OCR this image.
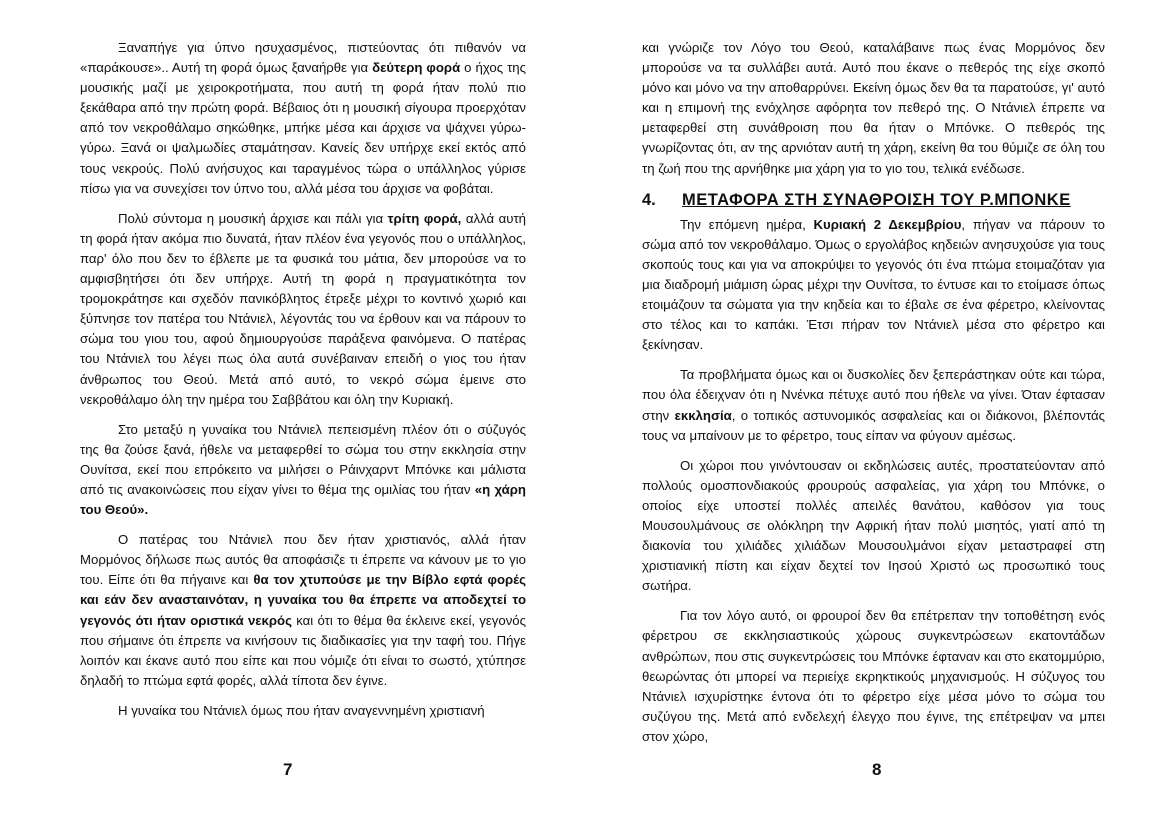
Ξαναπήγε για ύπνο ησυχασμένος, πιστεύοντας ότι πιθανόν να «παράκουσε».. Αυτή τη φορά όμως ξαναήρθε για δεύτερη φορά ο ήχος της μουσικής μαζί με χειροκροτήματα, που αυτή τη φορά ήταν πολύ πιο ξεκάθαρα από την πρώτη φορά. Βέβαιος ότι η μουσική σίγουρα προερχόταν από τον νεκροθάλαμο σηκώθηκε, μπήκε μέσα και άρχισε να ψάχνει γύρω-γύρω. Ξανά οι ψαλμωδίες σταμάτησαν. Κανείς δεν υπήρχε εκεί εκτός από τους νεκρούς. Πολύ ανήσυχος και ταραγμένος τώρα ο υπάλληλος γύρισε πίσω για να συνεχίσει τον ύπνο του, αλλά μέσα του άρχισε να φοβάται.

Πολύ σύντομα η μουσική άρχισε και πάλι για τρίτη φορά, αλλά αυτή τη φορά ήταν ακόμα πιο δυνατά, ήταν πλέον ένα γεγονός που ο υπάλληλος, παρ' όλο που δεν το έβλεπε με τα φυσικά του μάτια, δεν μπορούσε να το αμφισβητήσει ότι δεν υπήρχε. Αυτή τη φορά η πραγματικότητα τον τρομοκράτησε και σχεδόν πανικόβλητος έτρεξε μέχρι το κοντινό χωριό και ξύπνησε τον πατέρα του Ντάνιελ, λέγοντάς του να έρθουν και να πάρουν το σώμα του γιου του, αφού δημιουργούσε παράξενα φαινόμενα. Ο πατέρας του Ντάνιελ του λέγει πως όλα αυτά συνέβαιναν επειδή ο γιος του ήταν άνθρωπος του Θεού. Μετά από αυτό, το νεκρό σώμα έμεινε στο νεκροθάλαμο όλη την ημέρα του Σαββάτου και όλη την Κυριακή.

Στο μεταξύ η γυναίκα του Ντάνιελ πεπεισμένη πλέον ότι ο σύζυγός της θα ζούσε ξανά, ήθελε να μεταφερθεί το σώμα του στην εκκλησία στην Ουνίτσα, εκεί που επρόκειτο να μιλήσει ο Ράινχαρντ Μπόνκε και μάλιστα από τις ανακοινώσεις που είχαν γίνει το θέμα της ομιλίας του ήταν «η χάρη του Θεού».

Ο πατέρας του Ντάνιελ που δεν ήταν χριστιανός, αλλά ήταν Μορμόνος δήλωσε πως αυτός θα αποφάσιζε τι έπρεπε να κάνουν με το γιο του. Είπε ότι θα πήγαινε και θα τον χτυπούσε με την Βίβλο εφτά φορές και εάν δεν ανασταινόταν, η γυναίκα του θα έπρεπε να αποδεχτεί το γεγονός ότι ήταν οριστικά νεκρός και ότι το θέμα θα έκλεινε εκεί, γεγονός που σήμαινε ότι έπρεπε να κινήσουν τις διαδικασίες για την ταφή του. Πήγε λοιπόν και έκανε αυτό που είπε και που νόμιζε ότι είναι το σωστό, χτύπησε δηλαδή το πτώμα εφτά φορές, αλλά τίποτα δεν έγινε.

Η γυναίκα του Ντάνιελ όμως που ήταν αναγεννημένη χριστιανή

7

και γνώριζε τον Λόγο του Θεού, καταλάβαινε πως ένας Μορμόνος δεν μπορούσε να τα συλλάβει αυτά. Αυτό που έκανε ο πεθερός της είχε σκοπό μόνο και μόνο να την αποθαρρύνει. Εκείνη όμως δεν θα τα παρατούσε, γι' αυτό και η επιμονή της ενόχλησε αφόρητα τον πεθερό της. Ο Ντάνιελ έπρεπε να μεταφερθεί στη συνάθροιση που θα ήταν ο Μπόνκε. Ο πεθερός της γνωρίζοντας ότι, αν της αρνιόταν αυτή τη χάρη, εκείνη θα του θύμιζε σε όλη του τη ζωή που της αρνήθηκε μια χάρη για το γιο του, τελικά ενέδωσε.

4.	ΜΕΤΑΦΟΡΑ ΣΤΗ ΣΥΝΑΘΡΟΙΣΗ ΤΟΥ Ρ.ΜΠΟΝΚΕ

Την επόμενη ημέρα, Κυριακή 2 Δεκεμβρίου, πήγαν να πάρουν το σώμα από τον νεκροθάλαμο. Όμως ο εργολάβος κηδειών ανησυχούσε για τους σκοπούς τους και για να αποκρύψει το γεγονός ότι ένα πτώμα ετοιμαζόταν για μια διαδρομή μιάμιση ώρας μέχρι την Ουνίτσα, το έντυσε και το ετοίμασε όπως ετοιμάζουν τα σώματα για την κηδεία και το έβαλε σε ένα φέρετρο, κλείνοντας στο τέλος και το καπάκι. Έτσι πήραν τον Ντάνιελ μέσα στο φέρετρο και ξεκίνησαν.

Τα προβλήματα όμως και οι δυσκολίες δεν ξεπεράστηκαν ούτε και τώρα, που όλα έδειχναν ότι η Ννένκα πέτυχε αυτό που ήθελε να γίνει. Όταν έφτασαν στην εκκλησία, ο τοπικός αστυνομικός ασφαλείας και οι διάκονοι, βλέποντάς τους να μπαίνουν με το φέρετρο, τους είπαν να φύγουν αμέσως.

Οι χώροι που γινόντουσαν οι εκδηλώσεις αυτές, προστατεύονταν από πολλούς ομοσπονδιακούς φρουρούς ασφαλείας, για χάρη του Μπόνκε, ο οποίος είχε υποστεί πολλές απειλές θανάτου, καθόσον για τους Μουσουλμάνους σε ολόκληρη την Αφρική ήταν πολύ μισητός, γιατί από τη διακονία του χιλιάδες χιλιάδων Μουσουλμάνοι είχαν μεταστραφεί στη χριστιανική πίστη και είχαν δεχτεί τον Ιησού Χριστό ως προσωπικό τους σωτήρα.

Για τον λόγο αυτό, οι φρουροί δεν θα επέτρεπαν την τοποθέτηση ενός φέρετρου σε εκκλησιαστικούς χώρους συγκεντρώσεων εκατοντάδων ανθρώπων, που στις συγκεντρώσεις του Μπόνκε έφταναν και στο εκατομμύριο, θεωρώντας ότι μπορεί να περιείχε εκρηκτικούς μηχανισμούς. Η σύζυγος του Ντάνιελ ισχυρίστηκε έντονα ότι το φέρετρο είχε μέσα μόνο το σώμα του συζύγου της. Μετά από ενδελεχή έλεγχο που έγινε, της επέτρεψαν να μπει στον χώρο,

8
